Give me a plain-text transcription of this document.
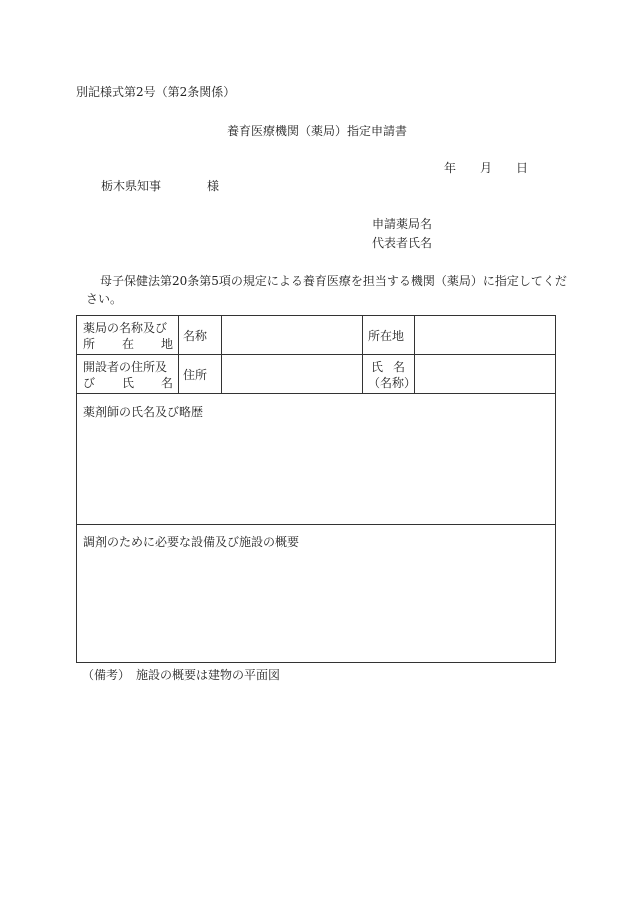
別記様式第2号（第2条関係）
養育医療機関（薬局）指定申請書
年 月 日
栃木県知事	様
申請薬局名
代表者氏名
母子保健法第20条第5項の規定による養育医療を担当する機関（薬局）に指定してくだ
さい。
薬局の名称及び
所 在 地
名称	所在地
開設者の住所及
び 氏 名
住所
氏 名
（名称）
薬剤師の氏名及び略歴
調剤のために必要な設備及び施設の概要
（備考） 施設の概要は建物の平面図
